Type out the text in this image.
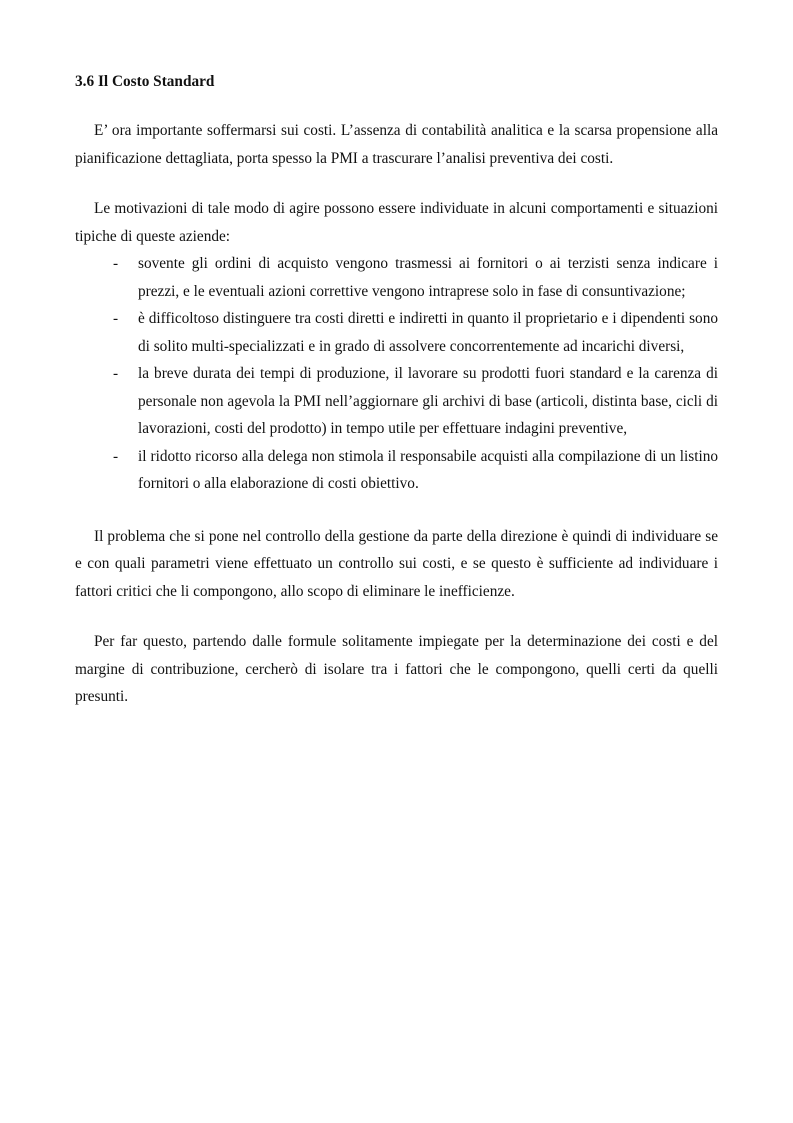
3.6 Il Costo Standard

E’ ora importante soffermarsi sui costi. L’assenza di contabilità analitica e la scarsa propensione alla pianificazione dettagliata, porta spesso la PMI a trascurare l’analisi preventiva dei costi.

Le motivazioni di tale modo di agire possono essere individuate in alcuni comportamenti e situazioni tipiche di queste aziende:

- sovente gli ordini di acquisto vengono trasmessi ai fornitori o ai terzisti senza indicare i prezzi, e le eventuali azioni correttive vengono intraprese solo in fase di consuntivazione;
- è difficoltoso distinguere tra costi diretti e indiretti in quanto il proprietario e i dipendenti sono di solito multi-specializzati e in grado di assolvere concorrentemente ad incarichi diversi,
- la breve durata dei tempi di produzione, il lavorare su prodotti fuori standard e la carenza di personale non agevola la PMI nell’aggiornare gli archivi di base (articoli, distinta base, cicli di lavorazioni, costi del prodotto) in tempo utile per effettuare indagini preventive,
- il ridotto ricorso alla delega non stimola il responsabile acquisti alla compilazione di un listino fornitori o alla elaborazione di costi obiettivo.

Il problema che si pone nel controllo della gestione da parte della direzione è quindi di individuare se e con quali parametri viene effettuato un controllo sui costi, e se questo è sufficiente ad individuare i fattori critici che li compongono, allo scopo di eliminare le inefficienze.

Per far questo, partendo dalle formule solitamente impiegate per la determinazione dei costi e del margine di contribuzione, cercherò di isolare tra i fattori che le compongono, quelli certi da quelli presunti.
